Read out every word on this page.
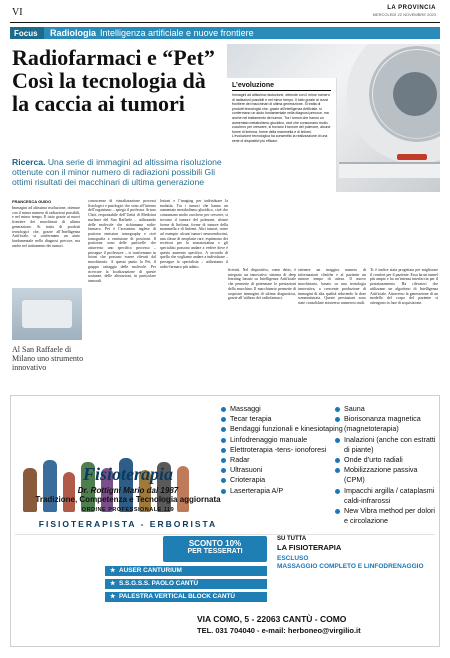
VI	LA PROVINCIA
MERCOLEDÌ 22 NOVEMBRE 2023
Focus	Radiologia Intelligenza artificiale e nuove frontiere
Radiofarmaci e “Pet” Così la tecnologia dà la caccia ai tumori

Ricerca. Una serie di immagini ad altissima risoluzione ottenute con il minor numero di radiazioni possibili Gli ottimi risultati dei macchinari di ultima generazione

L’evoluzione
Immagini ad altissima risoluzione, ottenute con il minor numero di radiazioni possibili e nel minor tempo. Il tutto grazie ai nuovi frontiere dei macchinari di ultima generazione. Si tratta di prodotti tecnologici che, grazie all’Intelligenza Artificiale, si confermano un aiuto fondamentale nella diagnosi precoce, ma anche nel trattamento dei tumori. Tra i tumori che hanno un aumentato metabolismo glucidico, cioè che consumano molto zucchero per crescere, si trovano il tumore del polmone, alcune forme di linfoma, forme della mammella e di linfomi. L’evoluzione tecnologica ha consentito la realizzazione di una serie di dispositivi più efficaci.
FRANCESCA GUIDO
Immagini ad altissima risoluzione, ottenute con il minor numero di radiazioni possibili, e nel minor tempo. Il tutto grazie ai nuovi frontiere dei macchinari di ultima generazione. Si tratta di prodotti tecnologici che, grazie all’Intelligenza Artificiale, si confermano un aiuto fondamentale nella diagnosi precoce, ma anche nel trattamento dei tumori.
conoscenze di visualizzazione processi fisiologici e patologici che sono all’interno dell’organismo – spiega il professor Arturo Chiti, responsabile dell’Unità di Medicina nucleare del San Raffaele – utilizzando delle molecole che richiamano radio-farmaco. Pet è l’acronimo inglese di positron emission tomography e cioè tomografia a emissione di positroni. Il positrone sono delle particelle che attraverso uno specifico processo – prosegue il professore – si trasformano in fotoni che possono essere rilevati dal macchinario. A questo punto la Pet, il gruppo cattaggio delle molecole. Per ricercare la localizzazione di queste sostanze, delle alterazioni, in particolare tumorali.
lesioni e l’imaging per individuare la malattia. Tra i tumori che hanno un aumentato metabolismo glucidico, cioè che consumano molto zucchero per crescere, si trovano il tumore del polmone, alcune forme di linfoma, forme di tumore della mammella e di linfomi. Altri tumori, come ad esempio alcuni tumori neuroendocrini, una classe di neoplasie rare, esprimono dei recettori per la somatostatina e gli specialisti possono andare a vedere dove è questo aumento specifico. A seconda di quello che vogliamo andare a individuare – prosegue lo specialista – utilizziamo il radio-farmaco più adatto.
ficienti. Nel dispositivo, come detto, è integrato un innovativo sistema di deep learning basato su Intelligenza Artificiale che permette di potenziare le prestazioni della macchina. Il macchinario permette di acquisire immagini di ultima diagnostica, grazie all’utilizzo dei radiofarmaci.
ottenere un maggior numero di informazioni cliniche e al paziente un minore tempo di attesa. Il nuovo macchinario, basato su una tecnologia innovativa, a crescente produzione di immagini di alta qualità riducendo la dose somministrata. Queste prestazioni sono state consolidate attraverso numerosi studi.
Tc è inoltre stata progettata per migliorare il comfort per il paziente. Essa ha un tunnel più ampio e ha un’intensa interfaccia per il posizionamento. Ha rilevatori che utilizzano un algoritmo di Intelligenza Artificiale. Attraverso la generazione di un modello del corpo del paziente si ottengono in fase di acquisizione.
Al San Raffaele di Milano uno strumento innovativo
Fisioterapia
Dr. Rottigni Mario dal 1987
Tradizione, Competenza e Tecnologia aggiornata
ORDINE PROFESSIONALE 119
FISIOTERAPISTA - ERBORISTA
Massaggi
Tecar terapia
Bendaggi funzionali e kinesiotaping
Linfodrenaggio manuale
Elettroterapia -tens- ionoforesi
Radar
Ultrasuoni
Crioterapia
Laserterapia A/P
Sauna
Biorisonanza magnetica (magnetoterapia)
Inalazioni (anche con estratti di piante)
Onde d’urto radiali
Mobilizzazione passiva (CPM)
Impacchi argilla / cataplasmi caldi-infrarossi
New Vibra method per dolori e circolazione
SCONTO 10%
PER TESSERATI
★ AUSER CANTURIUM
★ S.S.G.S.S. PAOLO CANTÙ
★ PALESTRA VERTICAL BLOCK CANTÙ
SU TUTTA
LA FISIOTERAPIA
ESCLUSO
MASSAGGIO COMPLETO E LINFODRENAGGIO
VIA COMO, 5 - 22063 CANTÙ - COMO
TEL. 031 704040 - e-mail: herboneo@virgilio.it
